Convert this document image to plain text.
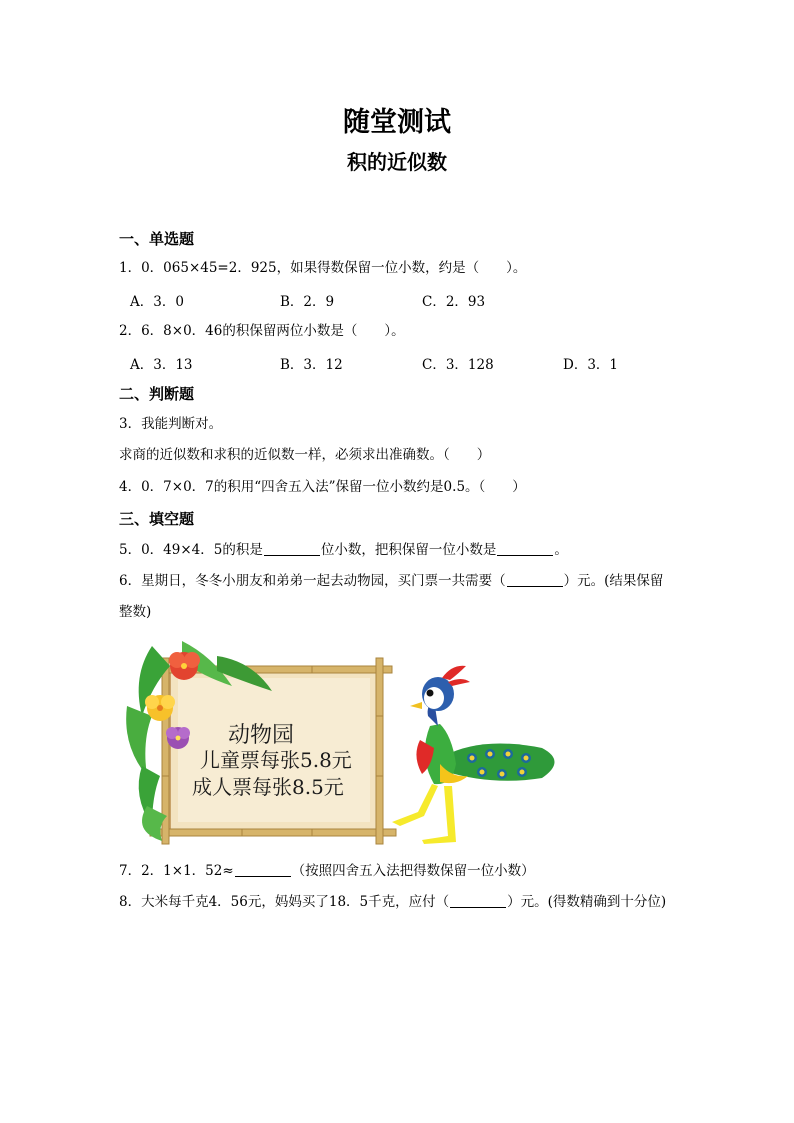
随堂测试
积的近似数
一、单选题
1．0．065×45=2．925，如果得数保留一位小数，约是（　　）。
A．3．0	B．2．9	C．2．93
2．6．8×0．46的积保留两位小数是（　　）。
A．3．13	B．3．12	C．3．128	D．3．1
二、判断题
3．我能判断对。
求商的近似数和求积的近似数一样，必须求出准确数。（　　）
4．0．7×0．7的积用“四舍五入法”保留一位小数约是0.5。（　　）
三、填空题
5．0．49×4．5的积是	位小数，把积保留一位小数是	。
6．星期日，冬冬小朋友和弟弟一起去动物园，买门票一共需要（	）元。(结果保留
整数)
动物园
儿童票每张5.8元
成人票每张8.5元
7．2．1×1．52≈	（按照四舍五入法把得数保留一位小数）
8．大米每千克4．56元，妈妈买了18．5千克，应付（	）元。(得数精确到十分位)
